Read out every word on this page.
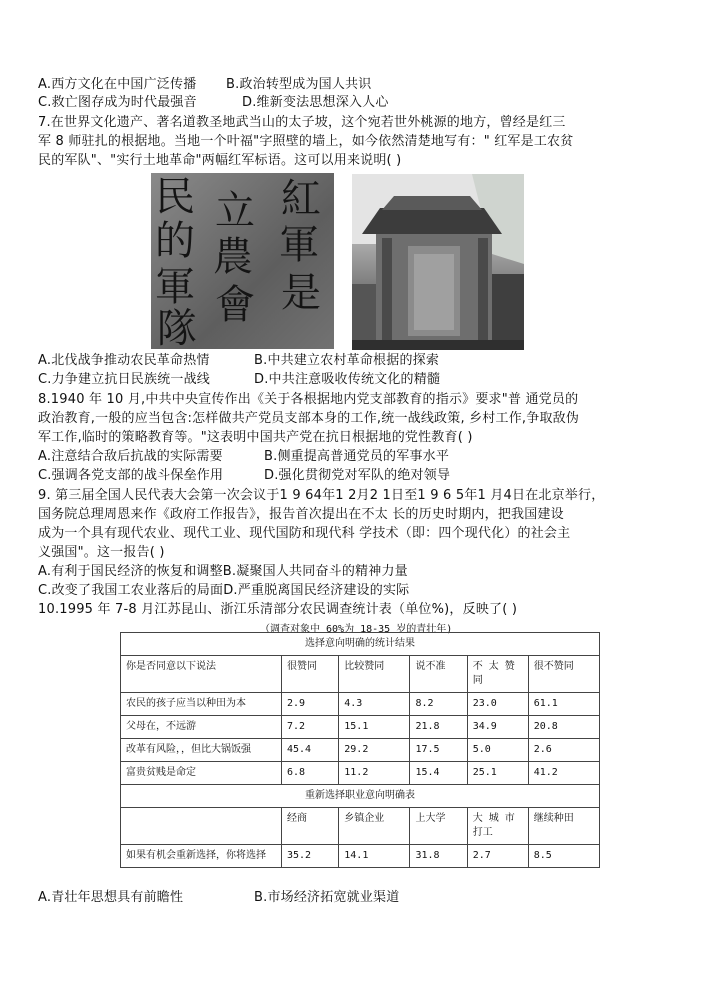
A.西方文化在中国广泛传播 B.政治转型成为国人共识
C.救亡图存成为时代最强音	D.维新变法思想深入人心
7.在世界文化遗产、著名道教圣地武当山的太子坡，这个宛若世外桃源的地方，曾经是红三
军 8 师驻扎的根据地。当地一个叶福"字照壁的墙上，如今依然清楚地写有：" 红军是工农贫
民的军队"、"实行土地革命"两幅红军标语。这可以用来说明( )
民 立 紅
的 農 軍
軍 會 是
隊
A.北伐战争推动农民革命热情	B.中共建立农村革命根据的探索
C.力争建立抗日民族统一战线	D.中共注意吸收传统文化的精髓
8.1940 年 10 月,中共中央宣传作出《关于各根据地内党支部教育的指示》要求"普 通党员的
政治教育,一般的应当包含:怎样做共产党员支部本身的工作,统一战线政策, 乡村工作,争取敌伪
军工作,临时的策略教育等。"这表明中国共产党在抗日根据地的党性教育( )
A.注意结合敌后抗战的实际需要	B.侧重提高普通党员的军事水平
C.强调各党支部的战斗保垒作用	D.强化贯彻党对军队的绝对领导
9. 第三届全国人民代表大会第一次会议于1 9 64年1 2月2 1日至1 9 6 5年1 月4日在北京举行，
国务院总理周恩来作《政府工作报告》，报告首次提出在不太 长的历史时期内，把我国建设
成为一个具有现代农业、现代工业、现代国防和现代科 学技术（即：四个现代化）的社会主
义强国"。这一报告( )
A.有利于国民经济的恢复和调整B.凝聚国人共同奋斗的精神力量
C.改变了我国工农业落后的局面D.严重脱离国民经济建设的实际
10.1995 年 7-8 月江苏昆山、浙江乐清部分农民调查统计表（单位%)，反映了( )
（调查对象中 60%为 18-35 岁的青壮年)
选择意向明确的统计结果					
你是否同意以下说法	很赞同	比较赞同	说不准	不 太 赞 同	很不赞同
农民的孩子应当以种田为本	2.9	4.3	8.2	23.0	61.1
父母在，不远游	7.2	15.1	21.8	34.9	20.8
改革有风险，，但比大锅饭强	45.4	29.2	17.5	5.0	2.6
富贵贫贱是命定	6.8	11.2	15.4	25.1	41.2
重新选择职业意向明确表					
	经商	乡镇企业	上大学	大 城 市 打工	继续种田
如果有机会重新选择，你将选择	35.2	14.1	31.8	2.7	8.5
A.青壮年思想具有前瞻性	B.市场经济拓宽就业渠道
